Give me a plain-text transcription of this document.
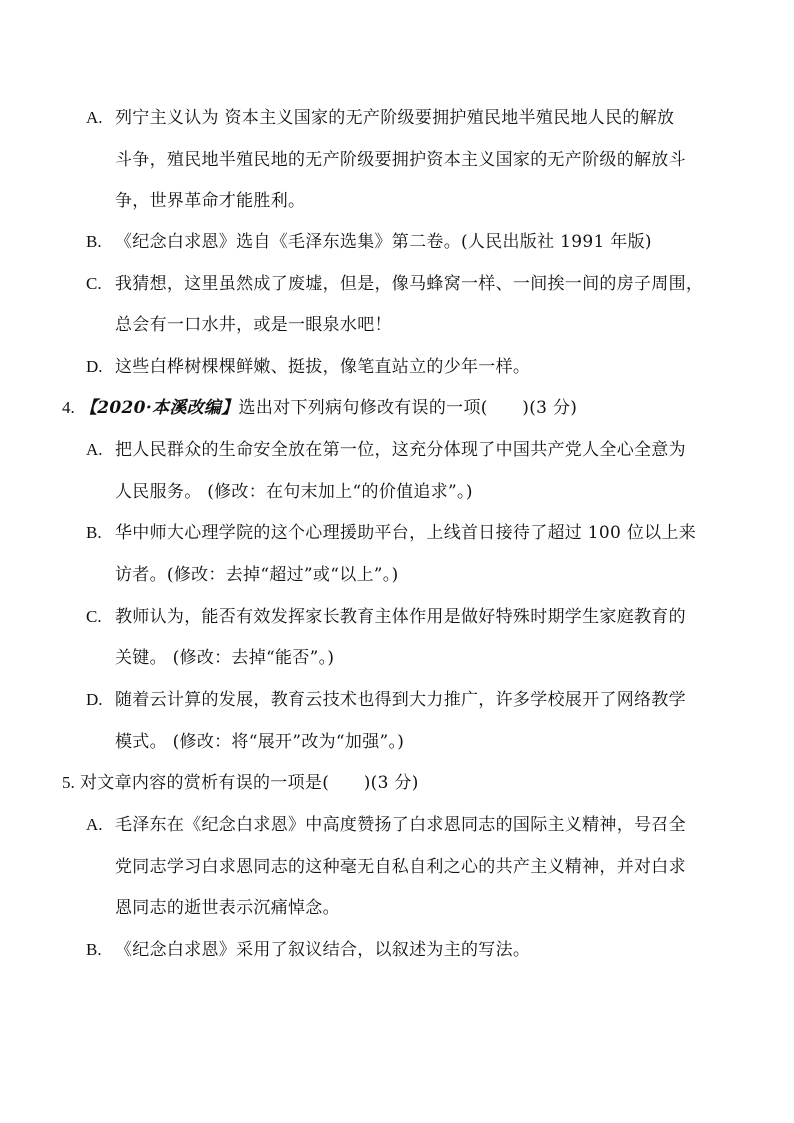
A. 列宁主义认为 资本主义国家的无产阶级要拥护殖民地半殖民地人民的解放
斗争，殖民地半殖民地的无产阶级要拥护资本主义国家的无产阶级的解放斗
争，世界革命才能胜利。
B. 《纪念白求恩》选自《毛泽东选集》第二卷。(人民出版社 1991 年版)
C. 我猜想，这里虽然成了废墟，但是，像马蜂窝一样、一间挨一间的房子周围，
总会有一口水井，或是一眼泉水吧！
D. 这些白桦树棵棵鲜嫩、挺拔，像笔直站立的少年一样。
4. 【2020·本溪改编】选出对下列病句修改有误的一项(　　)(3 分)
A. 把人民群众的生命安全放在第一位，这充分体现了中国共产党人全心全意为
人民服务。 (修改：在句末加上“的价值追求”。)
B. 华中师大心理学院的这个心理援助平台，上线首日接待了超过 100 位以上来
访者。(修改：去掉“超过”或“以上”。)
C. 教师认为，能否有效发挥家长教育主体作用是做好特殊时期学生家庭教育的
关键。 (修改：去掉“能否”。)
D. 随着云计算的发展，教育云技术也得到大力推广，许多学校展开了网络教学
模式。 (修改：将“展开”改为“加强”。)
5. 对文章内容的赏析有误的一项是(　　)(3 分)
A. 毛泽东在《纪念白求恩》中高度赞扬了白求恩同志的国际主义精神，号召全
党同志学习白求恩同志的这种毫无自私自利之心的共产主义精神，并对白求
恩同志的逝世表示沉痛悼念。
B. 《纪念白求恩》采用了叙议结合，以叙述为主的写法。
